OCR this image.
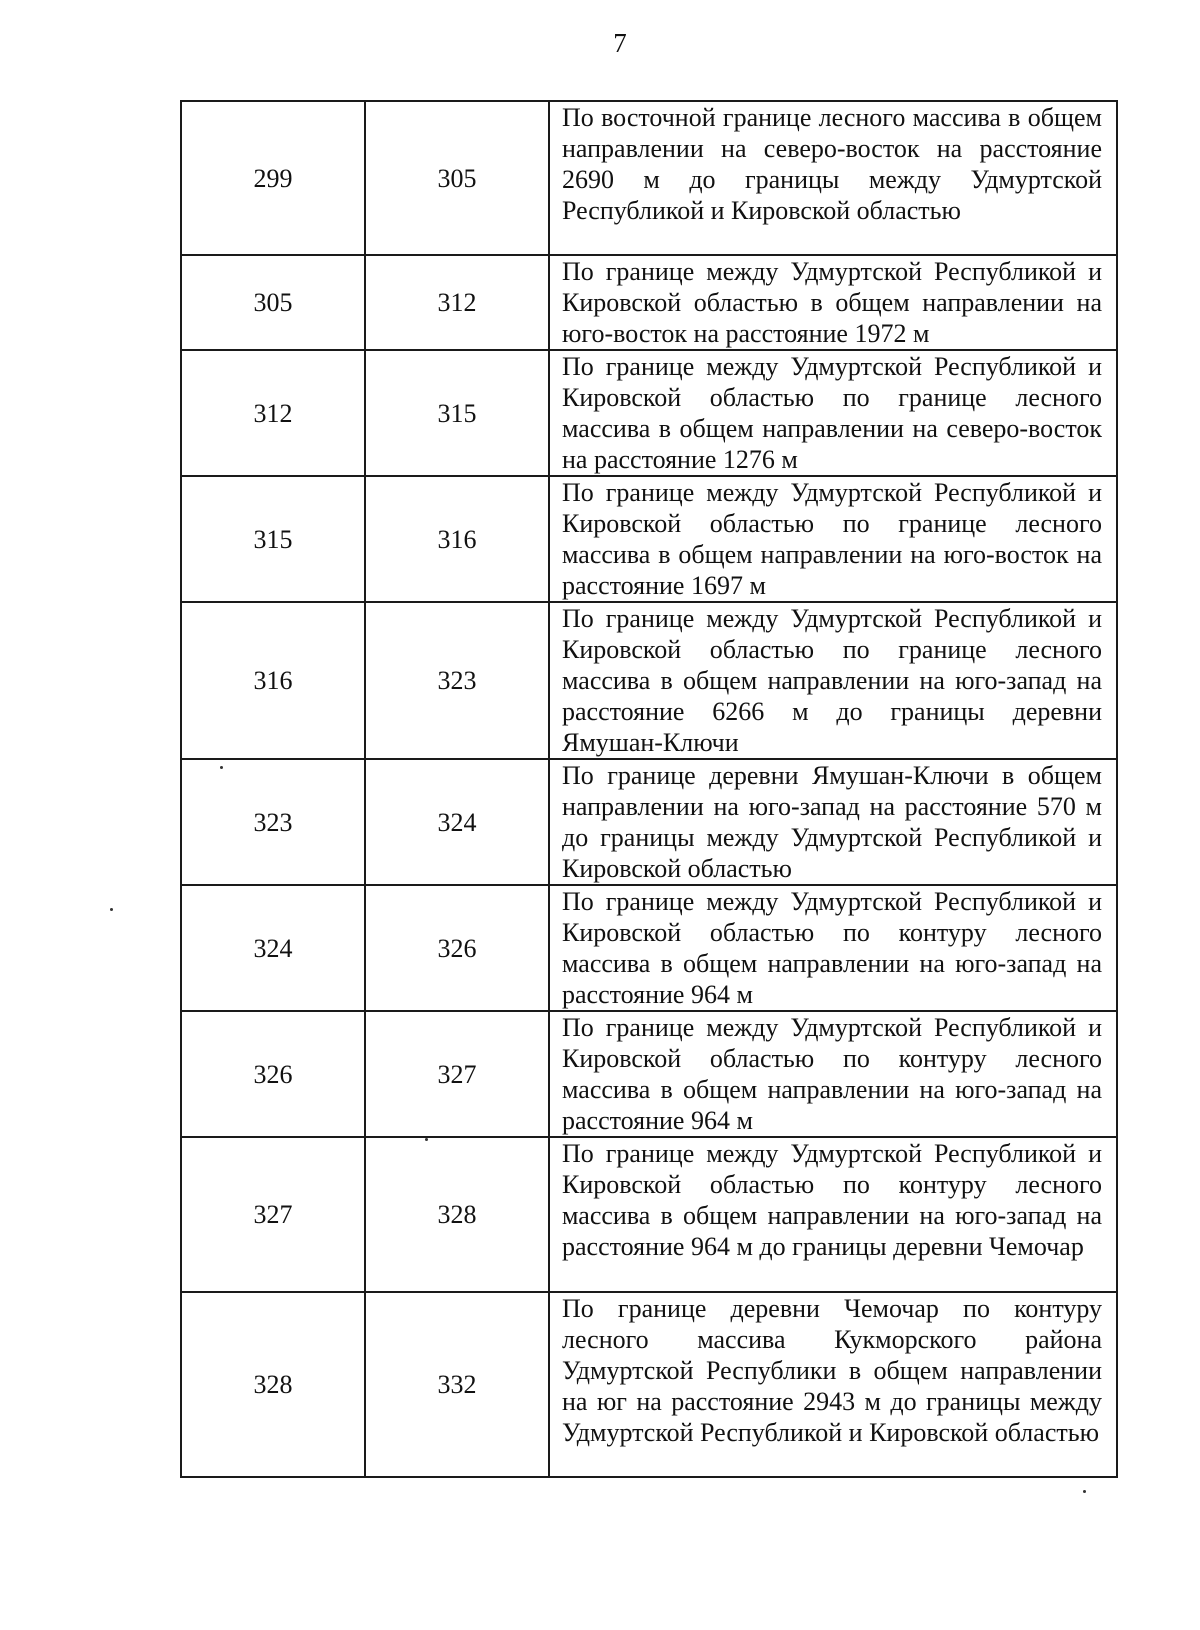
7
299	305	По восточной границе лесного массива в общем направлении на северо-восток на расстояние 2690 м до границы между Удмуртской Республикой и Кировской областью
305	312	По границе между Удмуртской Республикой и Кировской областью в общем направлении на юго-восток на расстояние 1972 м
312	315	По границе между Удмуртской Республикой и Кировской областью по границе лесного массива в общем направлении на северо-восток на расстояние 1276 м
315	316	По границе между Удмуртской Республикой и Кировской областью по границе лесного массива в общем направлении на юго-восток на расстояние 1697 м
316	323	По границе между Удмуртской Республикой и Кировской областью по границе лесного массива в общем направлении на юго-запад на расстояние 6266 м до границы деревни Ямушан-Ключи
323	324	По границе деревни Ямушан-Ключи в общем направлении на юго-запад на расстояние 570 м до границы между Удмуртской Республикой и Кировской областью
324	326	По границе между Удмуртской Республикой и Кировской областью по контуру лесного массива в общем направлении на юго-запад на расстояние 964 м
326	327	По границе между Удмуртской Республикой и Кировской областью по контуру лесного массива в общем направлении на юго-запад на расстояние 964 м
327	328	По границе между Удмуртской Республикой и Кировской областью по контуру лесного массива в общем направлении на юго-запад на расстояние 964 м до границы деревни Чемочар
328	332	По границе деревни Чемочар по контуру лесного массива Кукморского района Удмуртской Республики в общем направлении на юг на расстояние 2943 м до границы между Удмуртской Республикой и Кировской областью
